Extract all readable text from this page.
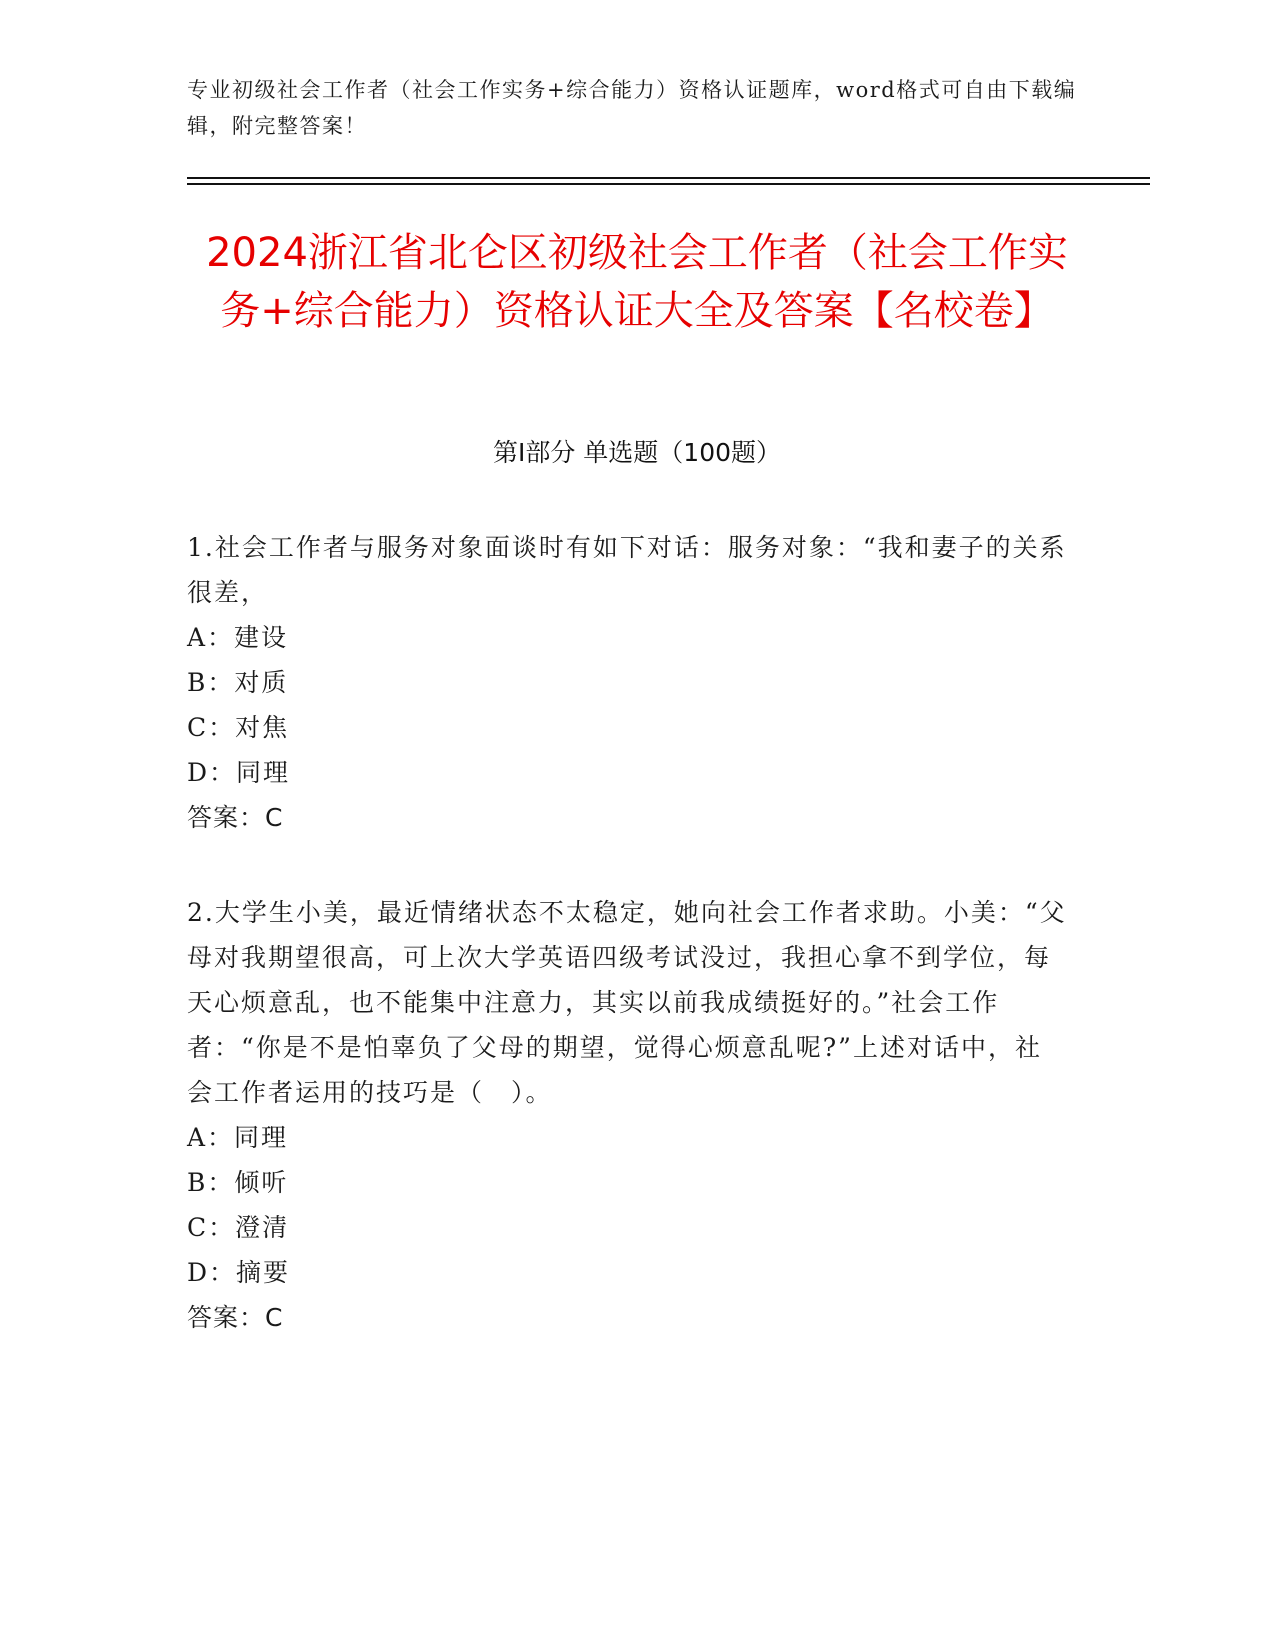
专业初级社会工作者（社会工作实务+综合能力）资格认证题库，word格式可自由下载编辑，附完整答案！
2024浙江省北仑区初级社会工作者（社会工作实务+综合能力）资格认证大全及答案【名校卷】
第Ⅰ部分 单选题（100题）

1.社会工作者与服务对象面谈时有如下对话：服务对象：“我和妻子的关系很差，

A：建设

B：对质

C：对焦

D：同理

答案：C

2.大学生小美，最近情绪状态不太稳定，她向社会工作者求助。小美：“父母对我期望很高，可上次大学英语四级考试没过，我担心拿不到学位，每天心烦意乱，也不能集中注意力，其实以前我成绩挺好的。”社会工作者：“你是不是怕辜负了父母的期望，觉得心烦意乱呢?”上述对话中，社会工作者运用的技巧是（　）。

A：同理

B：倾听

C：澄清

D：摘要

答案：C
